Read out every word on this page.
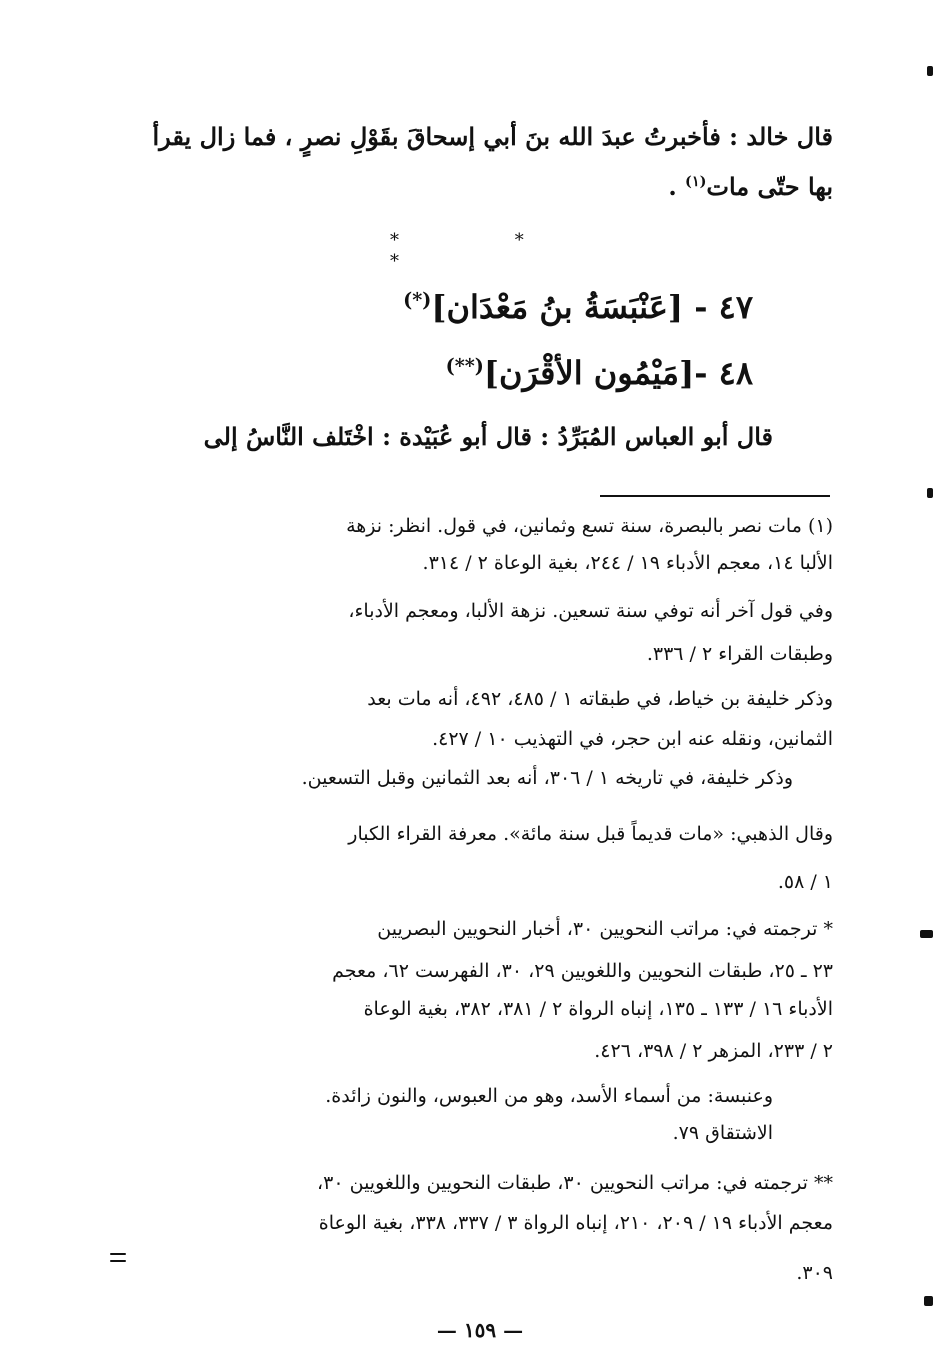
قال خالد : فأخبرتُ عبدَ الله بنَ أبي إسحاقَ بقَوْلِ نصرٍ ، فما زال يقرأ
بها حتّى مات$^{(١)}$ .
* * *
٤٧ - [عَنْبَسَةُ بنُ مَعْدَان](*)
٤٨ -[مَيْمُون الأقْرَن](**)
قال أبو العباس المُبَرِّدُ : قال أبو عُبَيْدة : اخْتَلف النَّاسُ إلى
(١) مات نصر بالبصرة، سنة تسع وثمانين، في قول. انظر: نزهة
الألبا ١٤، معجم الأدباء ١٩ / ٢٤٤، بغية الوعاة ٢ / ٣١٤.
وفي قول آخر أنه توفي سنة تسعين. نزهة الألبا، ومعجم الأدباء،
وطبقات القراء ٢ / ٣٣٦.
وذكر خليفة بن خياط، في طبقاته ١ / ٤٨٥، ٤٩٢، أنه مات بعد
الثمانين، ونقله عنه ابن حجر، في التهذيب ١٠ / ٤٢٧.
وذكر خليفة، في تاريخه ١ / ٣٠٦، أنه بعد الثمانين وقبل التسعين.
وقال الذهبي: «مات قديماً قبل سنة مائة». معرفة القراء الكبار
١ / ٥٨.
* ترجمته في: مراتب النحويين ٣٠، أخبار النحويين البصريين
٢٣ ـ ٢٥، طبقات النحويين واللغويين ٢٩، ٣٠، الفهرست ٦٢، معجم
الأدباء ١٦ / ١٣٣ ـ ١٣٥، إنباه الرواة ٢ / ٣٨١، ٣٨٢، بغية الوعاة
٢ / ٢٣٣، المزهر ٢ / ٣٩٨، ٤٢٦.
وعنبسة: من أسماء الأسد، وهو من العبوس، والنون زائدة.
الاشتقاق ٧٩.
** ترجمته في: مراتب النحويين ٣٠، طبقات النحويين واللغويين ٣٠،
معجم الأدباء ١٩ / ٢٠٩، ٢١٠، إنباه الرواة ٣ / ٣٣٧، ٣٣٨، بغية الوعاة
٣٠٩.
— ١٥٩ —
